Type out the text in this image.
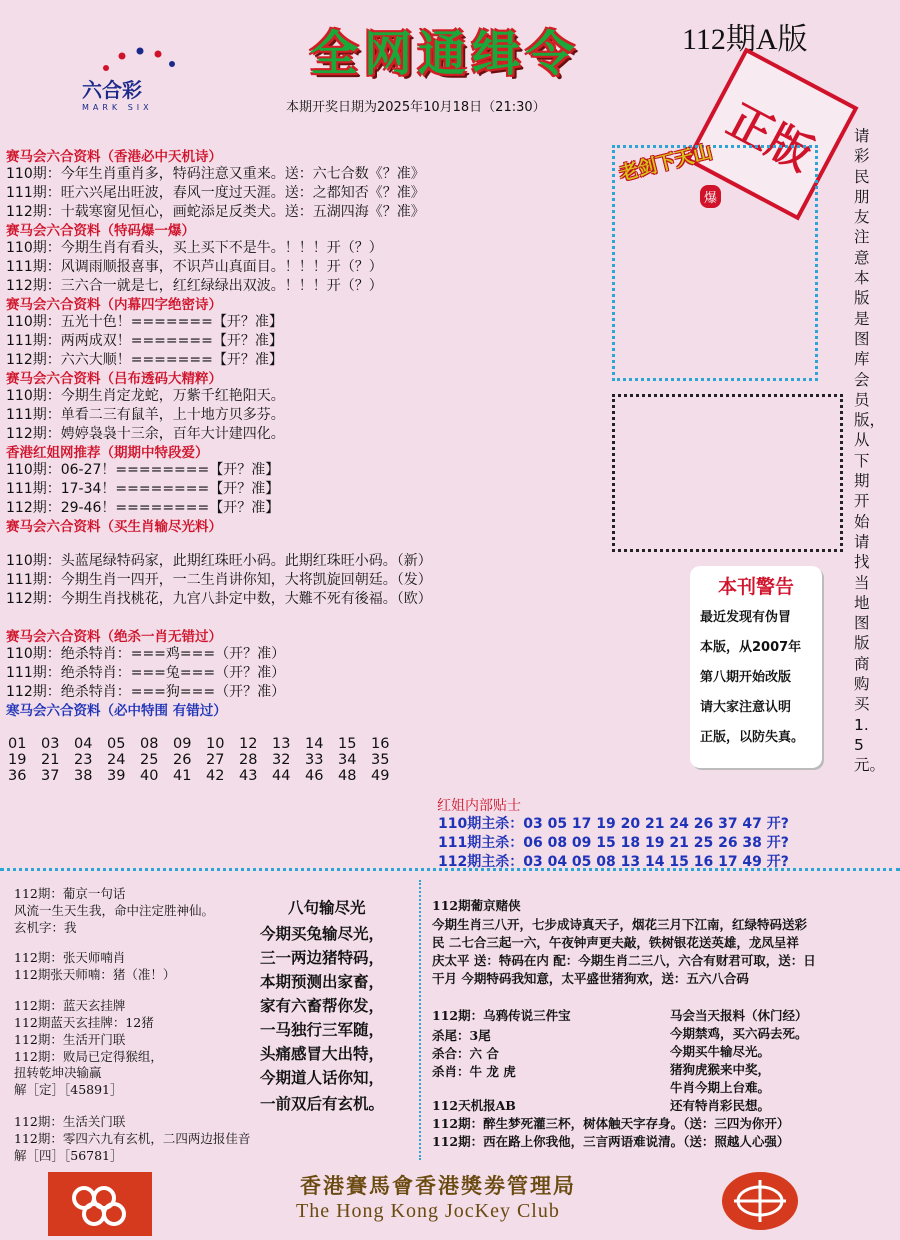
六合彩
MARK SIX
全网通缉令	112期A版
本期开奖日期为2025年10月18日（21:30）	正版
赛马会六合资料（香港必中天机诗）
110期：今年生肖重肖多，特码注意又重来。送：六七合数《？准》
111期：旺六兴尾出旺波，春风一度过天涯。送：之都知否《？准》
112期：十载寒窗见恒心，画蛇添足反类犬。送：五湖四海《？准》
赛马会六合资料（特码爆一爆）
110期：今期生肖有看头，买上买下不是牛。！！！开（？）
111期：风调雨顺报喜事，不识芦山真面目。！！！开（？）
112期：三六合一就是七，红红绿绿出双波。！！！开（？）
赛马会六合资料（内幕四字绝密诗）
110期：五光十色！=======【开？准】
111期：两两成双！=======【开？准】
112期：六六大顺！=======【开？准】
赛马会六合资料（吕布透码大精粹）
110期：今期生肖定龙蛇，万紫千红艳阳天。
111期：单看二三有鼠羊，上十地方贝多芬。
112期：娉婷袅袅十三余，百年大计建四化。
香港红姐网推荐（期期中特段爱）
110期：06-27！========【开？准】
111期：17-34！========【开？准】
112期：29-46！========【开？准】
赛马会六合资料（买生肖输尽光料）
110期：头蓝尾绿特码家，此期红珠旺小码。此期红珠旺小码。（新）
111期：今期生肖一四开，一二生肖讲你知，大将凯旋回朝廷。（发）
112期：今期生肖找桃花，九宫八卦定中数，大難不死有後福。（欧）
赛马会六合资料（绝杀一肖无错过）
110期：绝杀特肖：===鸡===（开？准）
111期：绝杀特肖：===兔===（开？准）
112期：绝杀特肖：===狗===（开？准）
寒马会六合资料（必中特围 有错过）
01	03	04	05	08	09	10	12	13	14	15	16
19	21	23	24	25	26	27	28	32	33	34	35
36	37	38	39	40	41	42	43	44	46	48	49
老剑下天山
爆
请彩民朋友注意本版是图库会员版，从下期开始请找当地图版商购买1.5元。
本刊警告
最近发现有伪冒
本版，从2007年
第八期开始改版
请大家注意认明
正版，以防失真。
红姐内部贴士
110期主杀：03 05 17 19 20 21 24 26 37 47 开?
111期主杀：06 08 09 15 18 19 21 25 26 38 开?
112期主杀：03 04 05 08 13 14 15 16 17 49 开?
112期：葡京一句话
风流一生天生我，命中注定胜神仙。
玄机字：我
112期：张天师喃肖
112期张天师喃：猪（准！）
112期：蓝天玄挂牌
112期蓝天玄挂牌：12猪
112期：生活开门联
112期：败局已定得猴组，
扭转乾坤决输赢
解［定］［45891］
112期：生活关门联
112期：零四六九有玄机，二四两边报佳音
解［四］［56781］
八句输尽光
今期买兔输尽光，
三一两边猪特码，
本期预测出家畜，
家有六畜帮你发，
一马独行三军随，
头痛感冒大出特，
今期道人话你知，
一前双后有玄机。
112期葡京赌侠
今期生肖三八开，七步成诗真天子，烟花三月下江南，红绿特码送彩
民 二七合三起一六，午夜钟声更夫敲，铁树银花送英雄，龙凤呈祥
庆太平 送：特码在内 配：今期生肖二三八，六合有财君可取，送：日
干月 今期特码我知意，太平盛世猪狗欢，送：五六八合码
112期：乌鸦传说三件宝
杀尾：3尾
杀合：六 合
杀肖：牛 龙 虎
马会当天报料（休门经）
今期禁鸡，买六码去死。
今期买牛输尽光。
猪狗虎猴来中奖，
牛肖今期上台难。
还有特肖彩民想。
112天机报AB
112期：醉生梦死灌三杯，树体触天字存身。（送：三四为你开）
112期：西在路上你我他，三言两语难说清。（送：照越人心强）
香港賽馬會香港獎劵管理局
The Hong Kong JocKey Club
